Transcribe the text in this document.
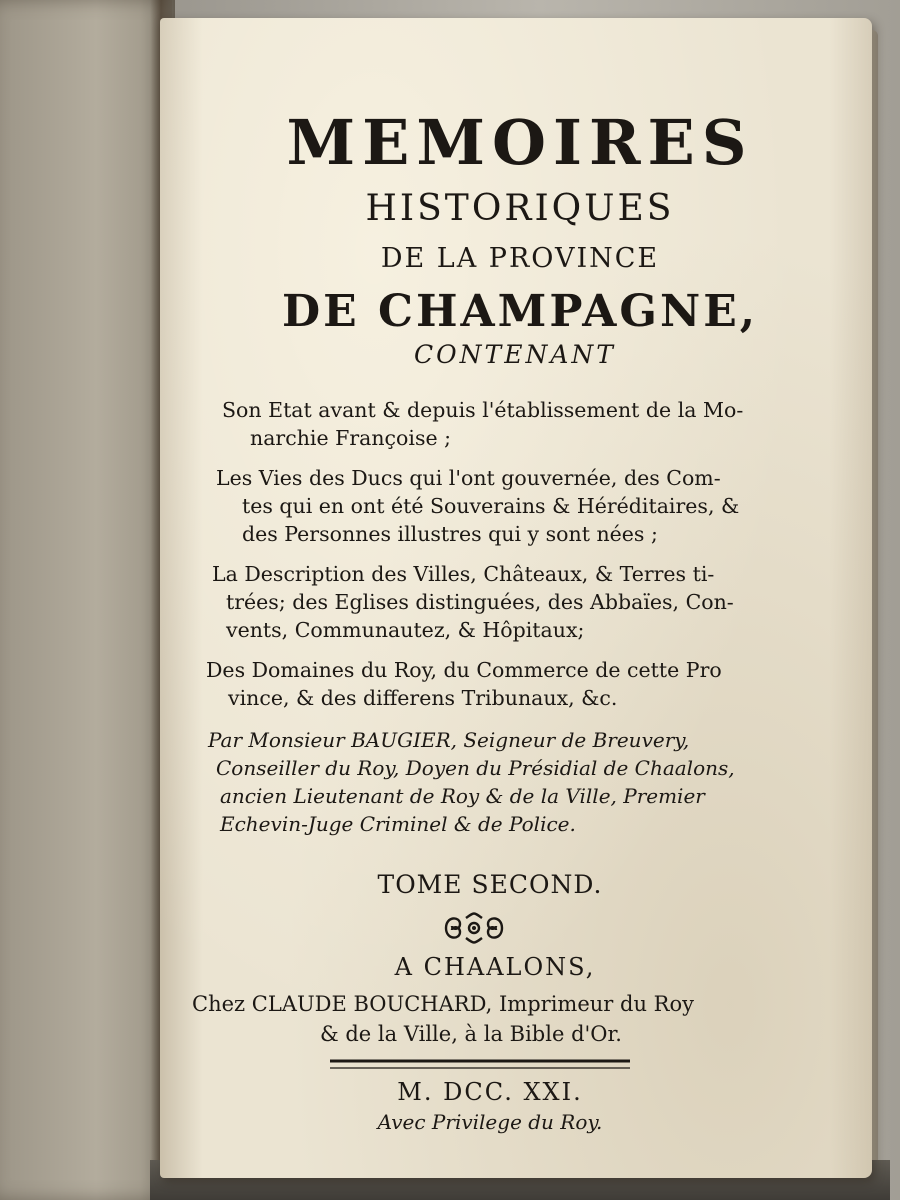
MEMOIRES
HISTORIQUES
DE LA PROVINCE
DE CHAMPAGNE,
CONTENANT
Son Etat avant & depuis l'établissement de la Mo-
narchie Françoise ;
Les Vies des Ducs qui l'ont gouvernée, des Com-
tes qui en ont été Souverains & Héréditaires, &
des Personnes illustres qui y sont nées ;
La Description des Villes, Châteaux, & Terres ti-
trées; des Eglises distinguées, des Abbaïes, Con-
vents, Communautez, & Hôpitaux;
Des Domaines du Roy, du Commerce de cette Pro
vince, & des differens Tribunaux, &c.
Par Monsieur BAUGIER, Seigneur de Breuvery,
Conseiller du Roy, Doyen du Présidial de Chaalons,
ancien Lieutenant de Roy & de la Ville, Premier
Echevin-Juge Criminel & de Police.
TOME SECOND.
A CHAALONS,
Chez CLAUDE BOUCHARD, Imprimeur du Roy
& de la Ville, à la Bible d'Or.
M. DCC. XXI.
Avec Privilege du Roy.
